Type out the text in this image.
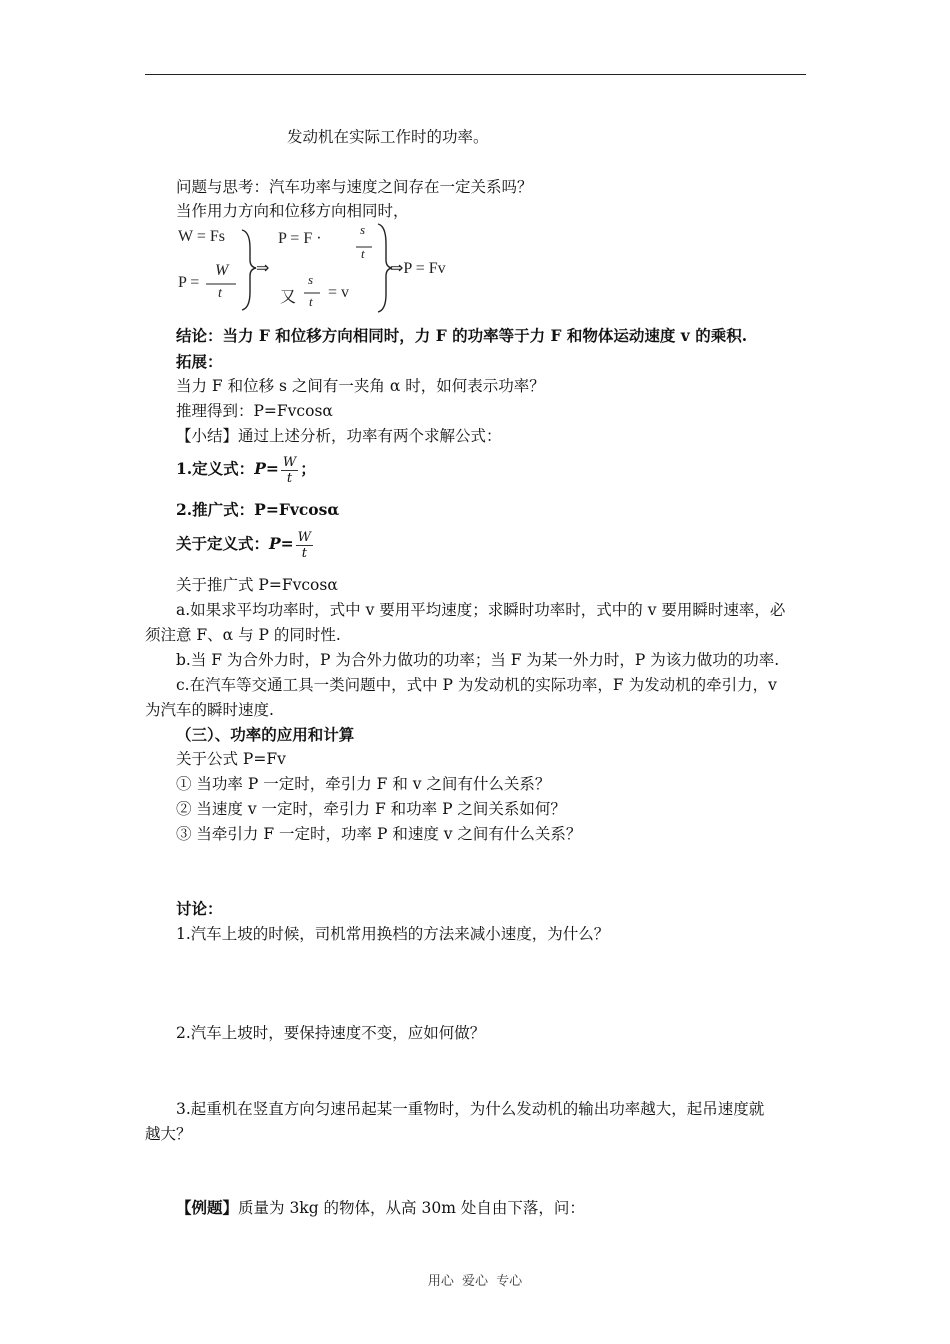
发动机在实际工作时的功率。
问题与思考：汽车功率与速度之间存在一定关系吗？
当作用力方向和位移方向相同时，
W = Fs
P =
W
t
⇒
P = F ·
s
t
又
s
t
= v
⇒P = Fv
结论：当力 F 和位移方向相同时，力 F 的功率等于力 F 和物体运动速度 v 的乘积.
拓展：
当力 F 和位移 s 之间有一夹角 α 时，如何表示功率？
推理得到：P=Fvcosα
【小结】通过上述分析，功率有两个求解公式：
1.定义式：$P= \frac{W}{t}$ ；
2.推广式：P=Fvcosα
关于定义式：$P= \frac{W}{t}$
关于推广式 P=Fvcosα
a.如果求平均功率时，式中 v 要用平均速度；求瞬时功率时，式中的 v 要用瞬时速率，必
须注意 F、α 与 P 的同时性.
b.当 F 为合外力时，P 为合外力做功的功率；当 F 为某一外力时，P 为该力做功的功率.
c.在汽车等交通工具一类问题中，式中 P 为发动机的实际功率，F 为发动机的牵引力，v
为汽车的瞬时速度.
（三）、功率的应用和计算
关于公式 P=Fv
① 当功率 P 一定时，牵引力 F 和 v 之间有什么关系？
② 当速度 v 一定时，牵引力 F 和功率 P 之间关系如何？
③ 当牵引力 F 一定时，功率 P 和速度 v 之间有什么关系？
讨论：
1.汽车上坡的时候，司机常用换档的方法来减小速度，为什么？
2.汽车上坡时，要保持速度不变，应如何做？
3.起重机在竖直方向匀速吊起某一重物时，为什么发动机的输出功率越大，起吊速度就
越大？
【例题】质量为 3kg 的物体，从高 30m 处自由下落，问：
用心 爱心 专心
